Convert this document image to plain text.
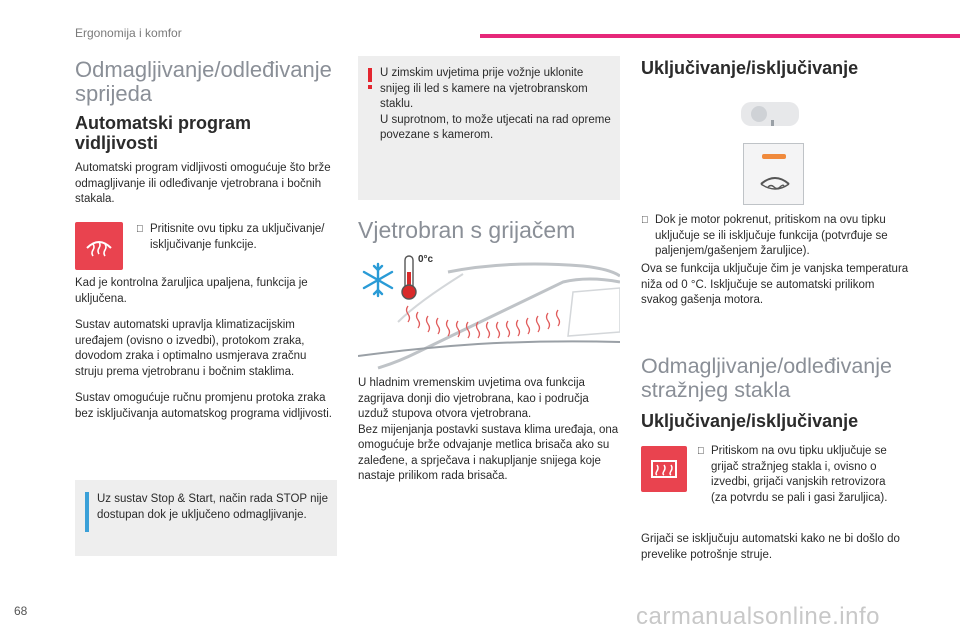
Ergonomija i komfor
Odmagljivanje/odleđivanje sprijeda
Automatski program vidljivosti

Automatski program vidljivosti omogućuje što brže odmagljivanje ili odleđivanje vjetrobrana i bočnih stakala.

Pritisnite ovu tipku za uključivanje/ isključivanje funkcije.

Kad je kontrolna žaruljica upaljena, funkcija je uključena.

Sustav automatski upravlja klimatizacijskim uređajem (ovisno o izvedbi), protokom zraka, dovodom zraka i optimalno usmjerava zračnu struju prema vjetrobranu i bočnim staklima.

Sustav omogućuje ručnu promjenu protoka zraka bez isključivanja automatskog programa vidljivosti.

Uz sustav Stop & Start, način rada STOP nije dostupan dok je uključeno odmagljivanje.

U zimskim uvjetima prije vožnje uklonite snijeg ili led s kamere na vjetrobranskom staklu.
U suprotnom, to može utjecati na rad opreme povezane s kamerom.

Vjetrobran s grijačem
0°c

U hladnim vremenskim uvjetima ova funkcija zagrijava donji dio vjetrobrana, kao i područja uzduž stupova otvora vjetrobrana.
Bez mijenjanja postavki sustava klima uređaja, ona omogućuje brže odvajanje metlica brisača ako su zaleđene, a sprječava i nakupljanje snijega koje nastaje prilikom rada brisača.

Uključivanje/isključivanje
Dok je motor pokrenut, pritiskom na ovu tipku uključuje se ili isključuje funkcija (potvrđuje se paljenjem/gašenjem žaruljice).

Ova se funkcija uključuje čim je vanjska temperatura niža od 0 °C. Isključuje se automatski prilikom svakog gašenja motora.

Odmagljivanje/odleđivanje stražnjeg stakla
Uključivanje/isključivanje
Pritiskom na ovu tipku uključuje se grijač stražnjeg stakla i, ovisno o izvedbi, grijači vanjskih retrovizora (za potvrdu se pali i gasi žaruljica).

Grijači se isključuju automatski kako ne bi došlo do prevelike potrošnje struje.

68	carmanualsonline.info
